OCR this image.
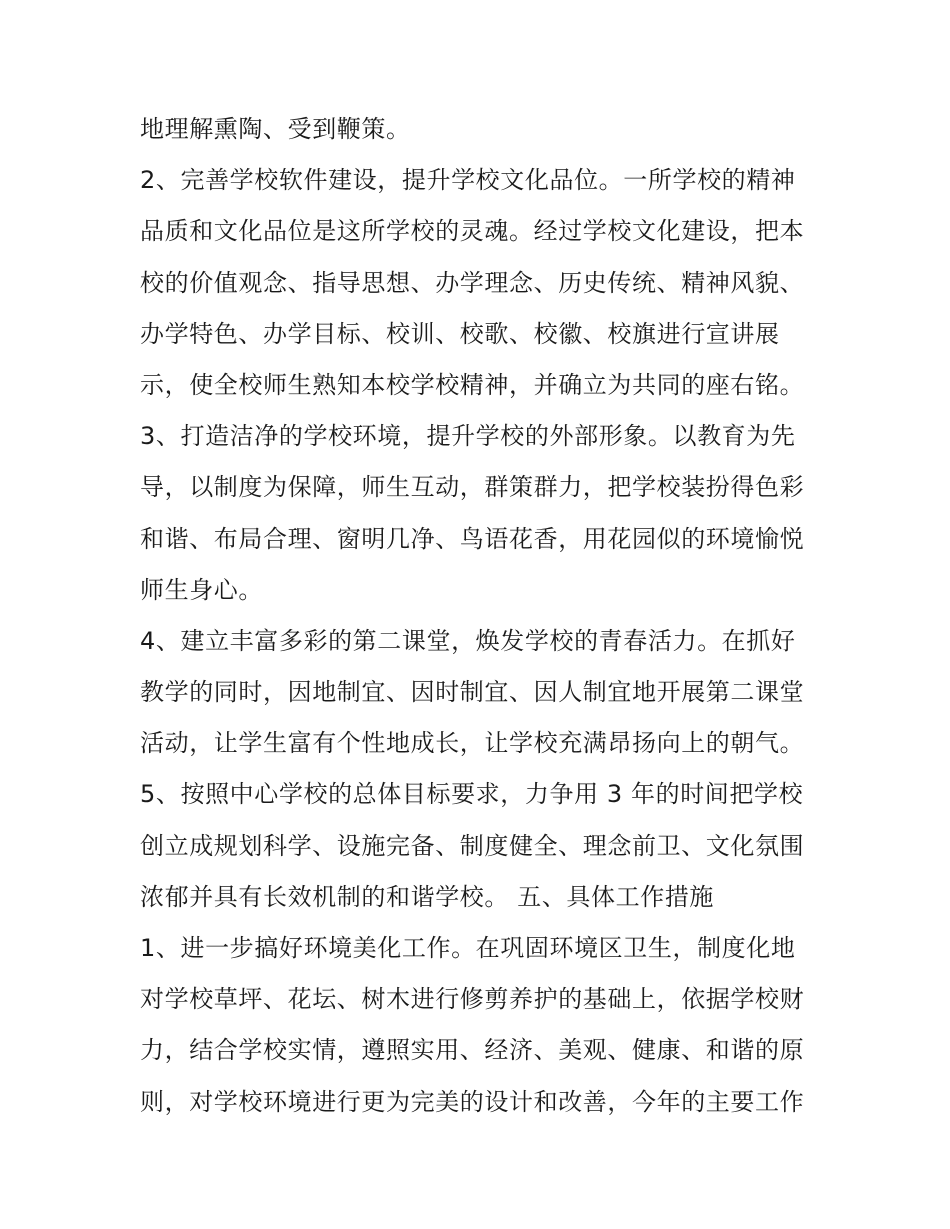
地理解熏陶、受到鞭策。
2、完善学校软件建设，提升学校文化品位。一所学校的精神
品质和文化品位是这所学校的灵魂。经过学校文化建设，把本
校的价值观念、指导思想、办学理念、历史传统、精神风貌、
办学特色、办学目标、校训、校歌、校徽、校旗进行宣讲展
示，使全校师生熟知本校学校精神，并确立为共同的座右铭。
3、打造洁净的学校环境，提升学校的外部形象。以教育为先
导，以制度为保障，师生互动，群策群力，把学校装扮得色彩
和谐、布局合理、窗明几净、鸟语花香，用花园似的环境愉悦
师生身心。
4、建立丰富多彩的第二课堂，焕发学校的青春活力。在抓好
教学的同时，因地制宜、因时制宜、因人制宜地开展第二课堂
活动，让学生富有个性地成长，让学校充满昂扬向上的朝气。
5、按照中心学校的总体目标要求，力争用 3 年的时间把学校
创立成规划科学、设施完备、制度健全、理念前卫、文化氛围
浓郁并具有长效机制的和谐学校。 五、具体工作措施
1、进一步搞好环境美化工作。在巩固环境区卫生，制度化地
对学校草坪、花坛、树木进行修剪养护的基础上，依据学校财
力，结合学校实情，遵照实用、经济、美观、健康、和谐的原
则，对学校环境进行更为完美的设计和改善，今年的主要工作
